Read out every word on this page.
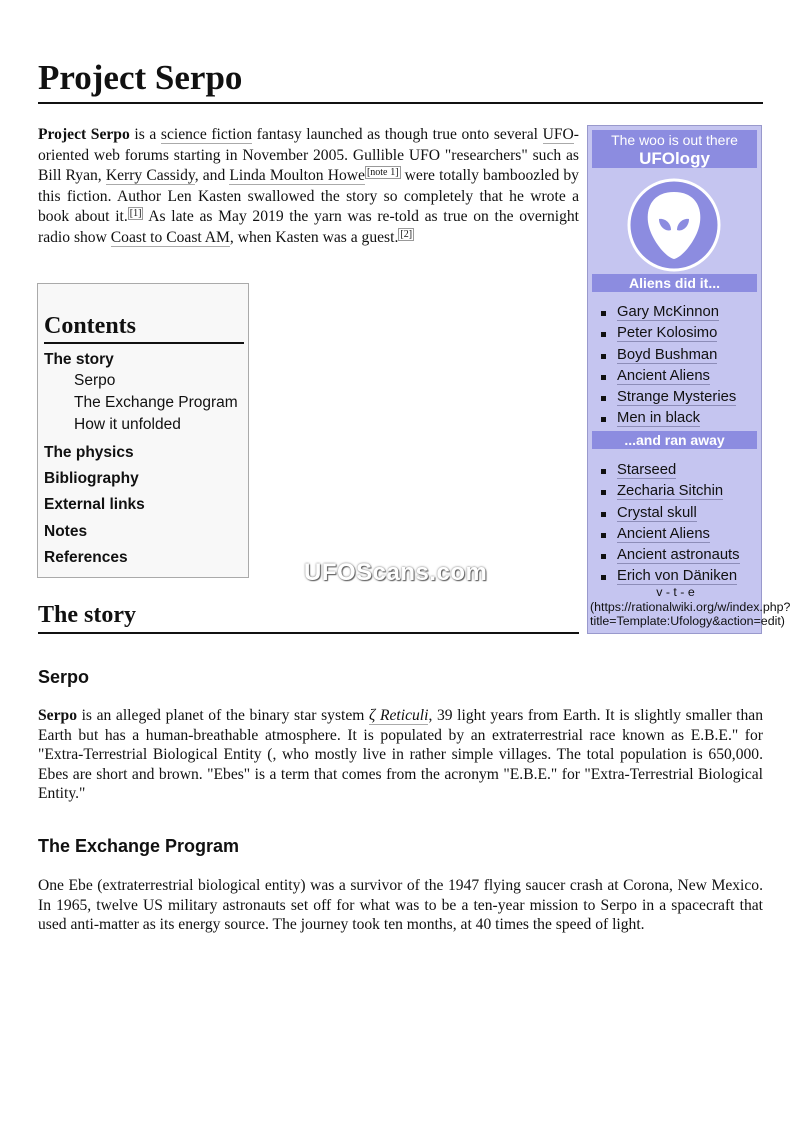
Project Serpo

Project Serpo is a science fiction fantasy launched as though true onto several UFO-oriented web forums starting in November 2005. Gullible UFO "researchers" such as Bill Ryan, Kerry Cassidy, and Linda Moulton Howe [note 1] were totally bamboozled by this fiction. Author Len Kasten swallowed the story so completely that he wrote a book about it. [1] As late as May 2019 the yarn was re-told as true on the overnight radio show Coast to Coast AM, when Kasten was a guest. [2]

Contents
The story
Serpo
The Exchange Program
How it unfolded
The physics
Bibliography
External links
Notes
References
The woo is out there
UFOlogy
Aliens did it...
Gary McKinnon
Peter Kolosimo
Boyd Bushman
Ancient Aliens
Strange Mysteries
Men in black
...and ran away
Starseed
Zecharia Sitchin
Crystal skull
Ancient Aliens
Ancient astronauts
Erich von Däniken
v - t - e (https://rationalwiki.org/w/index.php?title=Template:Ufology&action=edit)
UFOScans.com
The story
Serpo

Serpo is an alleged planet of the binary star system ζ Reticuli, 39 light years from Earth. It is slightly smaller than Earth but has a human-breathable atmosphere. It is populated by an extraterrestrial race known as E.B.E." for "Extra-Terrestrial Biological Entity (, who mostly live in rather simple villages. The total population is 650,000. Ebes are short and brown. "Ebes" is a term that comes from the acronym "E.B.E." for "Extra-Terrestrial Biological Entity."

The Exchange Program

One Ebe (extraterrestrial biological entity) was a survivor of the 1947 flying saucer crash at Corona, New Mexico. In 1965, twelve US military astronauts set off for what was to be a ten-year mission to Serpo in a spacecraft that used anti-matter as its energy source. The journey took ten months, at 40 times the speed of light.
